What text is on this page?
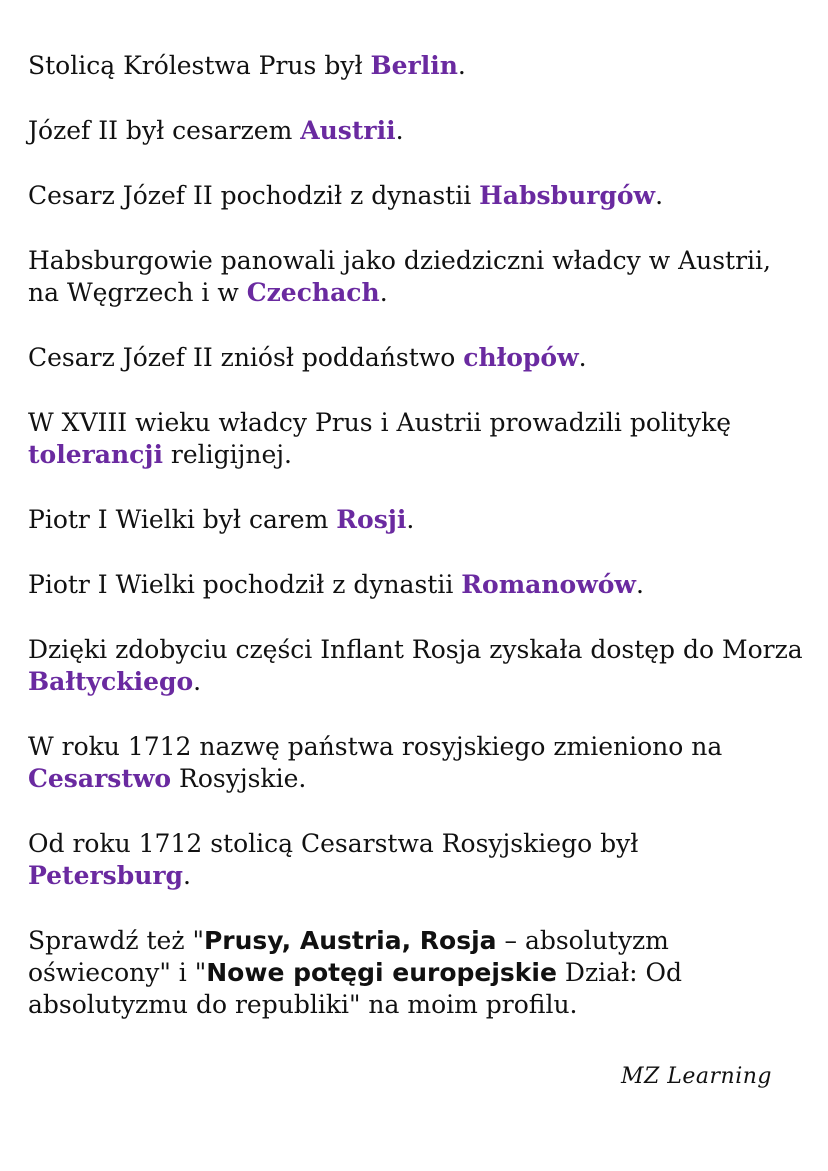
Stolicą Królestwa Prus był Berlin.

Józef II był cesarzem Austrii.

Cesarz Józef II pochodził z dynastii Habsburgów.

Habsburgowie panowali jako dziedziczni władcy w Austrii, na Węgrzech i w Czechach.

Cesarz Józef II zniósł poddaństwo chłopów.

W XVIII wieku władcy Prus i Austrii prowadzili politykę tolerancji religijnej.

Piotr I Wielki był carem Rosji.

Piotr I Wielki pochodził z dynastii Romanowów.

Dzięki zdobyciu części Inflant Rosja zyskała dostęp do Morza Bałtyckiego.

W roku 1712 nazwę państwa rosyjskiego zmieniono na Cesarstwo Rosyjskie.

Od roku 1712 stolicą Cesarstwa Rosyjskiego był Petersburg.

Sprawdź też "Prusy, Austria, Rosja – absolutyzm oświecony" i "Nowe potęgi europejskie Dział: Od absolutyzmu do republiki" na moim profilu.

MZ Learning
